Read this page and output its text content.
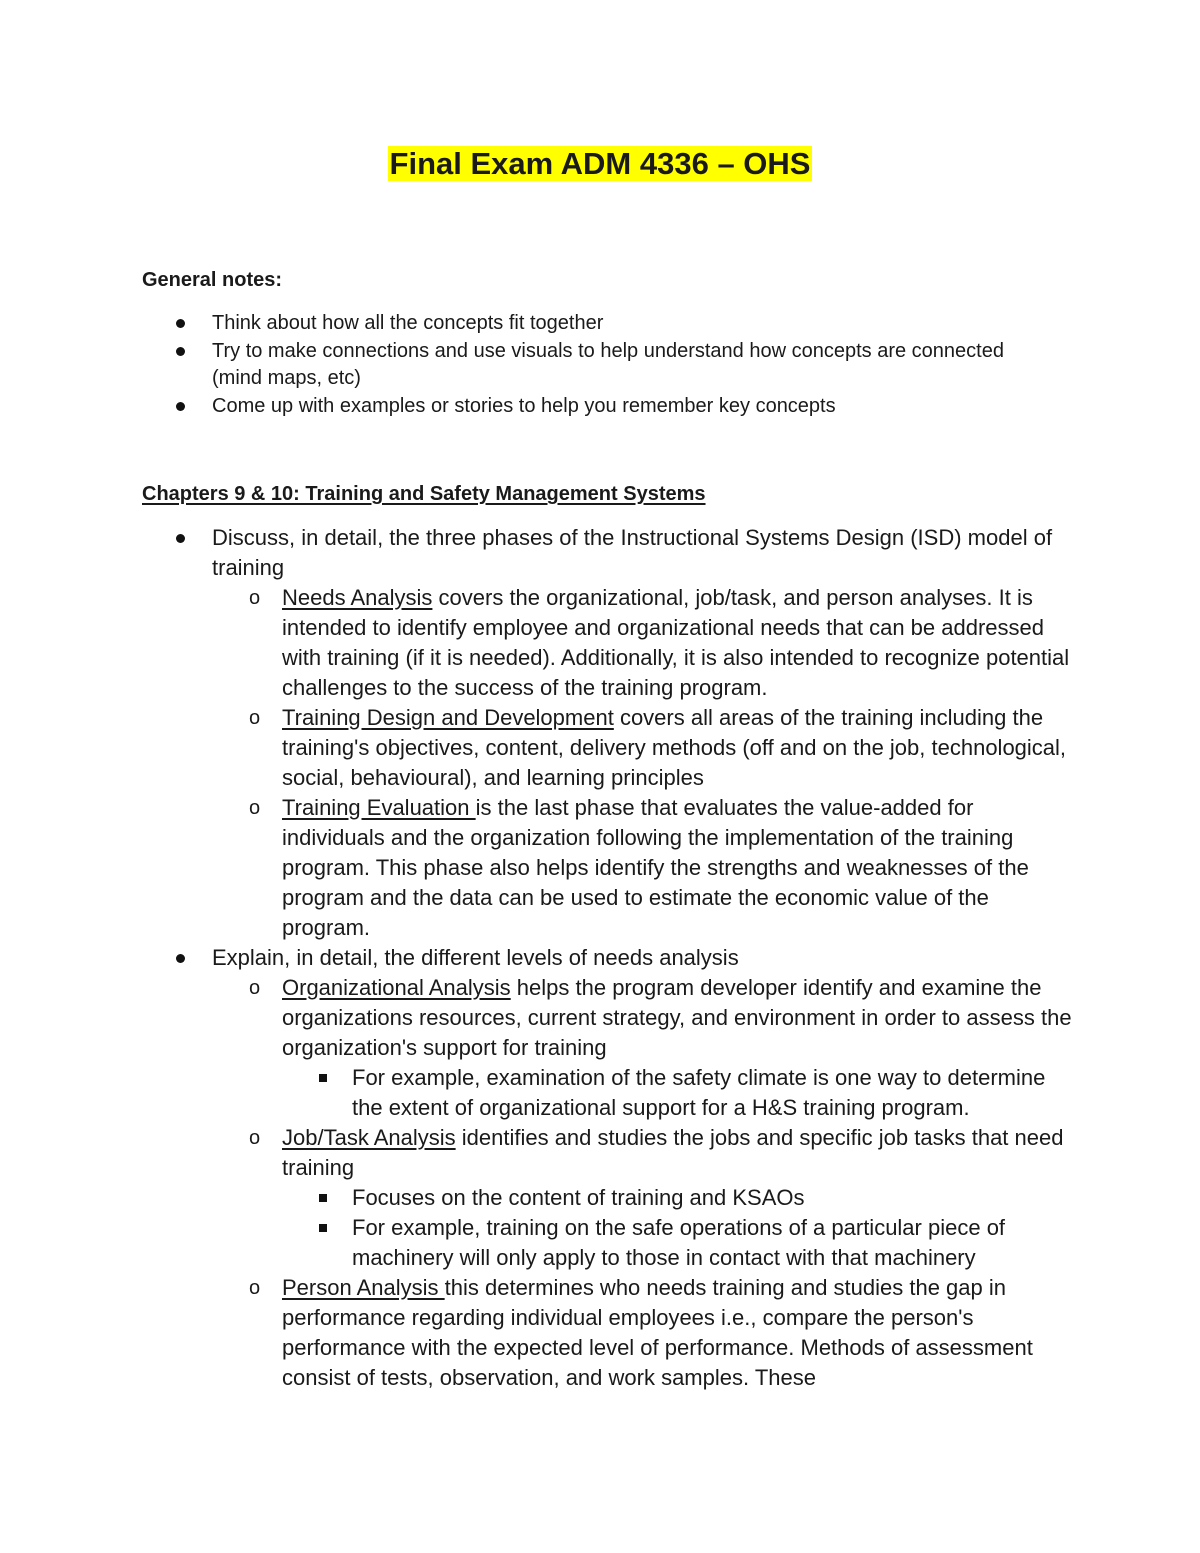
Final Exam ADM 4336 – OHS
General notes:
Think about how all the concepts fit together
Try to make connections and use visuals to help understand how concepts are connected (mind maps, etc)
Come up with examples or stories to help you remember key concepts
Chapters 9 & 10: Training and Safety Management Systems
Discuss, in detail, the three phases of the Instructional Systems Design (ISD) model of training
o Needs Analysis covers the organizational, job/task, and person analyses. It is intended to identify employee and organizational needs that can be addressed with training (if it is needed). Additionally, it is also intended to recognize potential challenges to the success of the training program.
o Training Design and Development covers all areas of the training including the training's objectives, content, delivery methods (off and on the job, technological, social, behavioural), and learning principles
o Training Evaluation is the last phase that evaluates the value-added for individuals and the organization following the implementation of the training program. This phase also helps identify the strengths and weaknesses of the program and the data can be used to estimate the economic value of the program.
Explain, in detail, the different levels of needs analysis
o Organizational Analysis helps the program developer identify and examine the organizations resources, current strategy, and environment in order to assess the organization's support for training
For example, examination of the safety climate is one way to determine the extent of organizational support for a H&S training program.
o Job/Task Analysis identifies and studies the jobs and specific job tasks that need training
Focuses on the content of training and KSAOs
For example, training on the safe operations of a particular piece of machinery will only apply to those in contact with that machinery
o Person Analysis this determines who needs training and studies the gap in performance regarding individual employees i.e., compare the person's performance with the expected level of performance. Methods of assessment consist of tests, observation, and work samples. These
